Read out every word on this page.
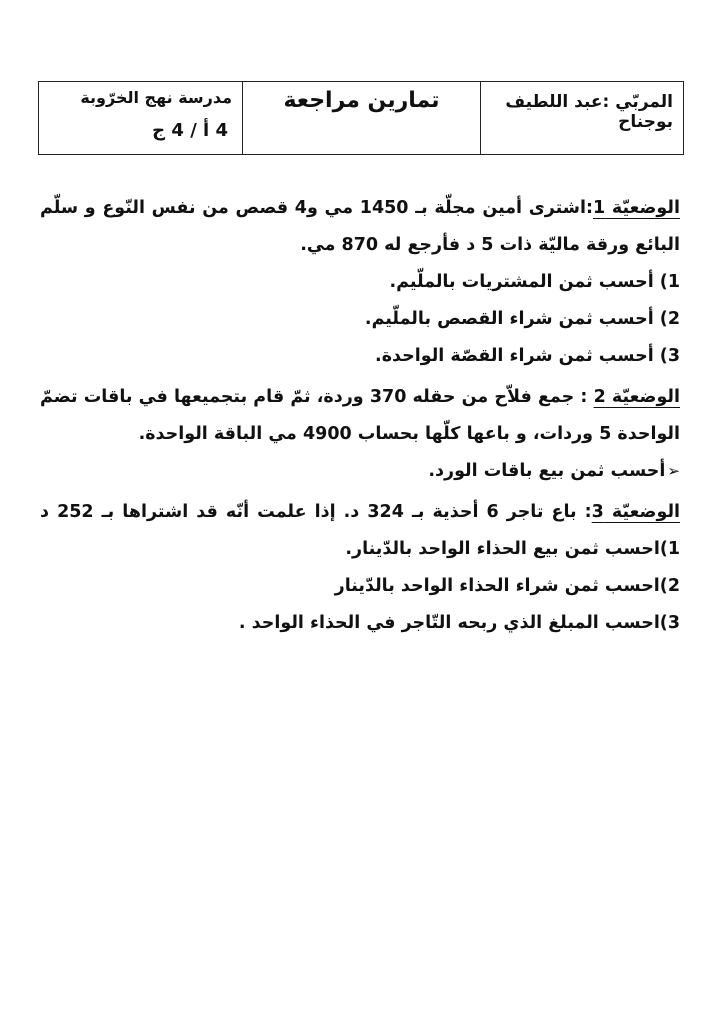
المربّي :عبد اللطيف بوجناح
تمارين مراجعة
مدرسة نهج الخرّوبة
4 أ / 4 ج
الوضعيّة 1:اشترى أمين مجلّة بـ 1450 مي و4 قصص من نفس النّوع و سلّم
البائع ورقة ماليّة ذات 5 د فأرجع له 870 مي.
1) أحسب ثمن المشتريات بالملّيم.
2) أحسب ثمن شراء القصص بالملّيم.
3) أحسب ثمن شراء القصّة الواحدة.
الوضعيّة 2 : جمع فلاّح من حقله 370 وردة، ثمّ قام بتجميعها في باقات تضمّ
الواحدة 5 وردات، و باعها كلّها بحساب 4900 مي الباقة الواحدة.
➢أحسب ثمن بيع باقات الورد.
الوضعيّة 3: باع تاجر 6 أحذية بـ 324 د. إذا علمت أنّه قد اشتراها بـ 252 د
1)احسب ثمن بيع الحذاء الواحد بالدّينار.
2)احسب ثمن شراء الحذاء الواحد بالدّينار
3)احسب المبلغ الذي ربحه التّاجر في الحذاء الواحد .
